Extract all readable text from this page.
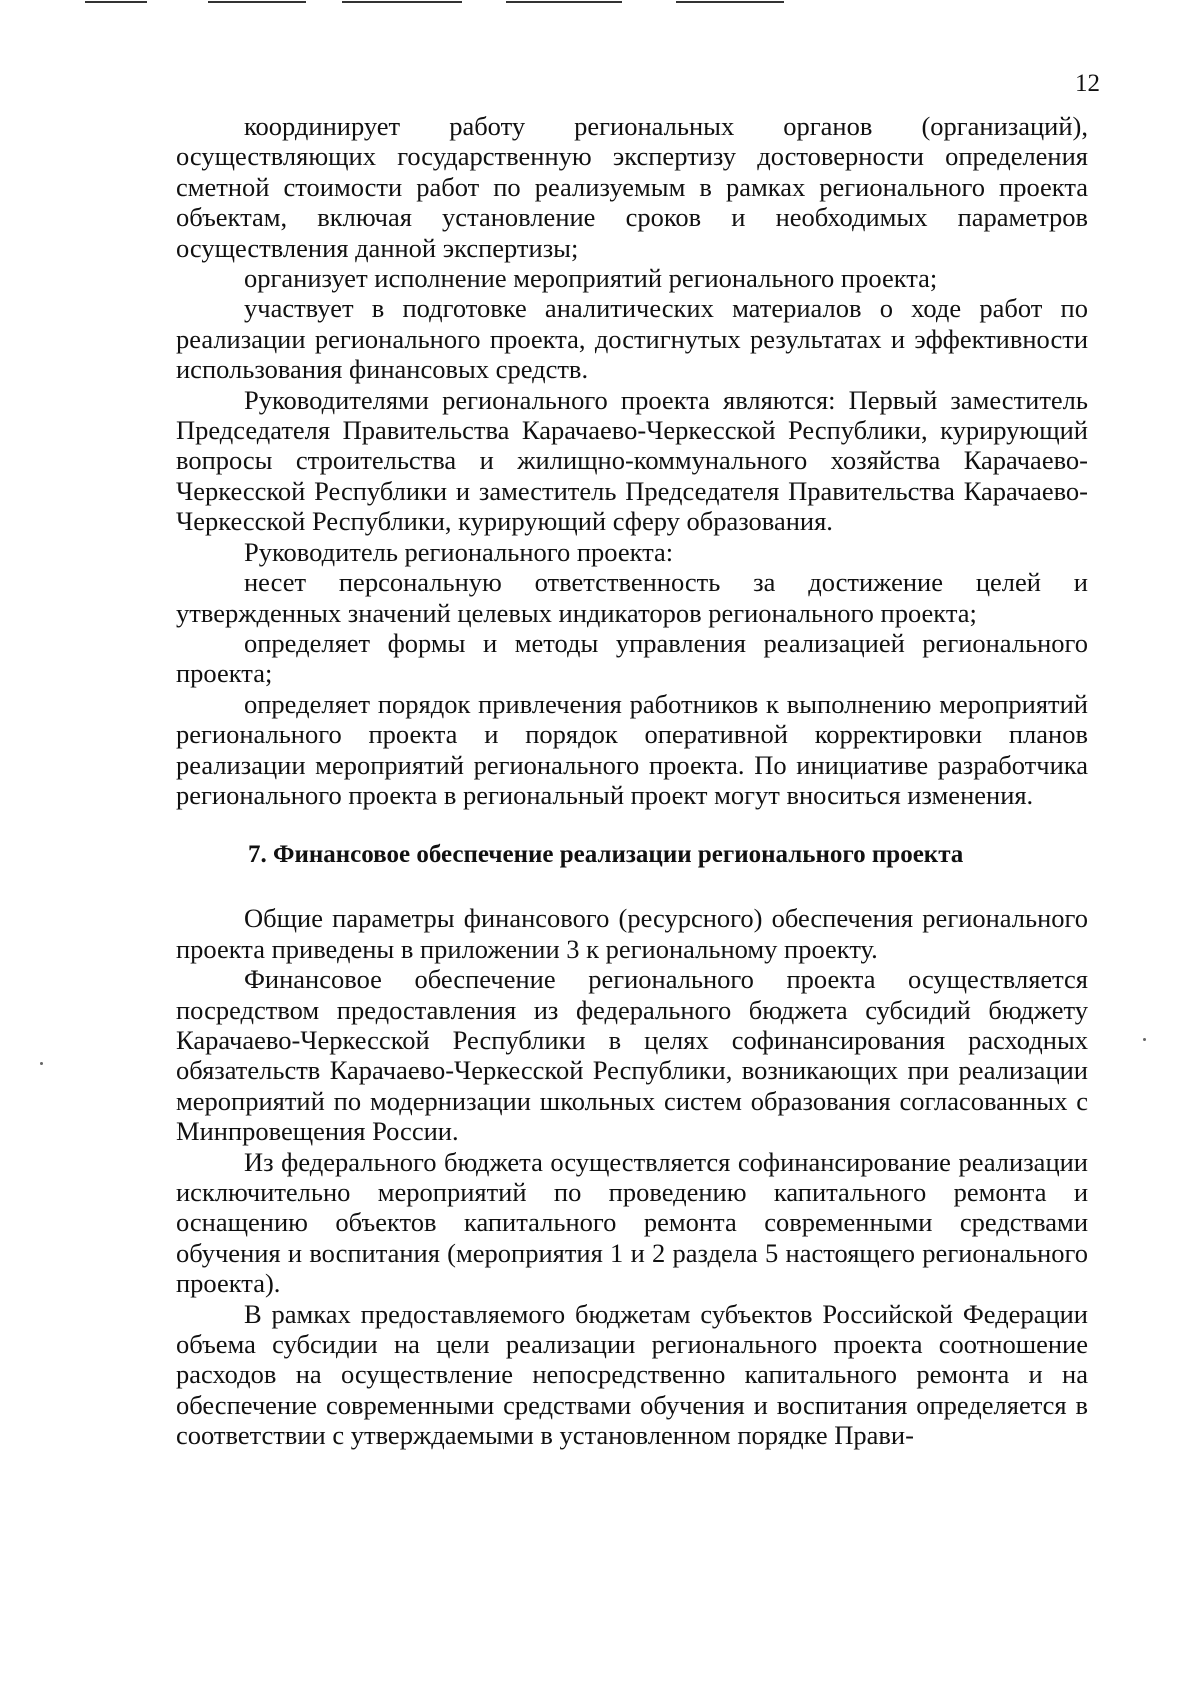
12

координирует работу региональных органов (организаций), осуществляющих государственную экспертизу достоверности определения сметной стоимости работ по реализуемым в рамках регионального проекта объектам, включая установление сроков и необходимых параметров осуществления данной экспертизы;

организует исполнение мероприятий регионального проекта;

участвует в подготовке аналитических материалов о ходе работ по реализации регионального проекта, достигнутых результатах и эффективности использования финансовых средств.

Руководителями регионального проекта являются: Первый заместитель Председателя Правительства Карачаево-Черкесской Республики, курирующий вопросы строительства и жилищно-коммунального хозяйства Карачаево-Черкесской Республики и заместитель Председателя Правительства Карачаево-Черкесской Республики, курирующий сферу образования.

Руководитель регионального проекта:

несет персональную ответственность за достижение целей и утвержденных значений целевых индикаторов регионального проекта;

определяет формы и методы управления реализацией регионального проекта;

определяет порядок привлечения работников к выполнению мероприятий регионального проекта и порядок оперативной корректировки планов реализации мероприятий регионального проекта. По инициативе разработчика регионального проекта в региональный проект могут вноситься изменения.

7. Финансовое обеспечение реализации регионального проекта

Общие параметры финансового (ресурсного) обеспечения регионального проекта приведены в приложении 3 к региональному проекту.

Финансовое обеспечение регионального проекта осуществляется посредством предоставления из федерального бюджета субсидий бюджету Карачаево-Черкесской Республики в целях софинансирования расходных обязательств Карачаево-Черкесской Республики, возникающих при реализации мероприятий по модернизации школьных систем образования согласованных с Минпровещения России.

Из федерального бюджета осуществляется софинансирование реализации исключительно мероприятий по проведению капитального ремонта и оснащению объектов капитального ремонта современными средствами обучения и воспитания (мероприятия 1 и 2 раздела 5 настоящего регионального проекта).

В рамках предоставляемого бюджетам субъектов Российской Федерации объема субсидии на цели реализации регионального проекта соотношение расходов на осуществление непосредственно капитального ремонта и на обеспечение современными средствами обучения и воспитания определяется в соответствии с утверждаемыми в установленном порядке Прави-
